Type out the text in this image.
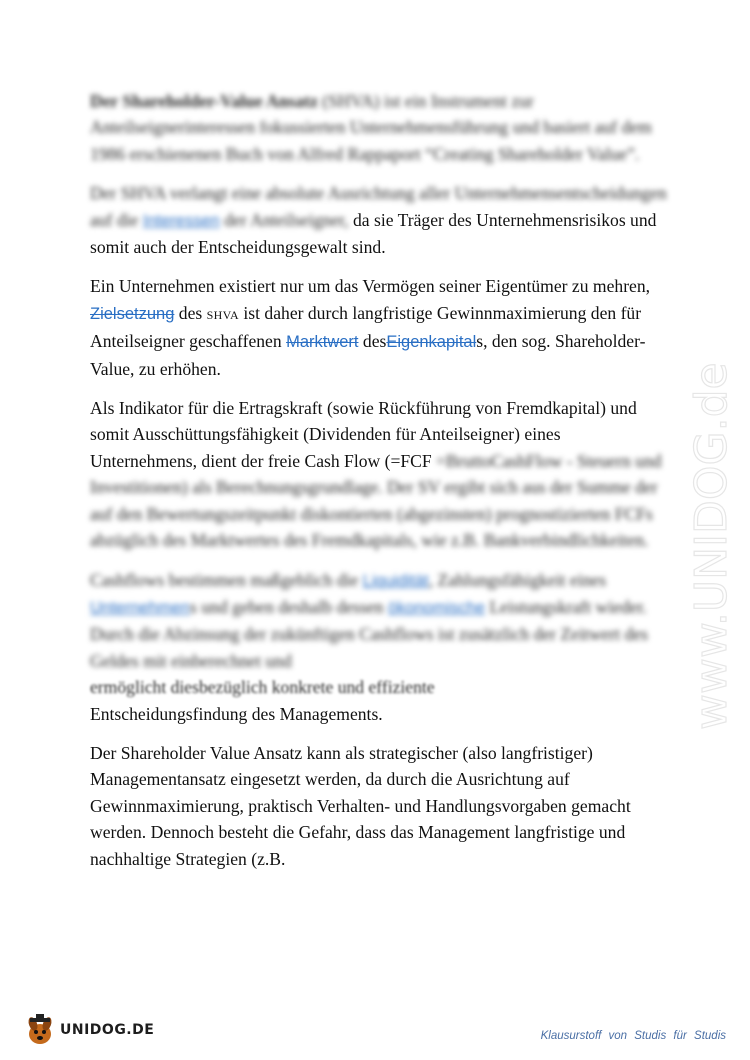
Der Shareholder-Value Ansatz (SHVA) ist ein Instrument zur Anteilseignerinteressen fokussierten Unternehmensführung und basiert auf dem 1986 erschienenen Buch von Alfred Rappaport “Creating Shareholder Value”.

Der SHVA verlangt eine absolute Ausrichtung aller Unternehmensentscheidungen auf die Interessen der Anteilseigner, da sie Träger des Unternehmensrisikos und somit auch der Entscheidungsgewalt sind.

Ein Unternehmen existiert nur um das Vermögen seiner Eigentümer zu mehren, Zielsetzung des SHVA ist daher durch langfristige Gewinnmaximierung den für Anteilseigner geschaffenen Marktwert desEigenkapitals, den sog. Shareholder-Value, zu erhöhen.

Als Indikator für die Ertragskraft (sowie Rückführung von Fremdkapital) und somit Ausschüttungsfähigkeit (Dividenden für Anteilseigner) eines Unternehmens, dient der freie Cash Flow (=FCF =BruttoCashFlow - Steuern und Investitionen) als Berechnungsgrundlage. Der SV ergibt sich aus der Summe der auf den Bewertungszeitpunkt diskontierten (abgezinsten) prognostizierten FCFs abzüglich des Marktwertes des Fremdkapitals, wie z.B. Bankverbindlichkeiten.

Cashflows bestimmen maßgeblich die Liquidität, Zahlungsfähigkeit eines Unternehmens und geben deshalb dessen ökonomische Leistungskraft wieder. Durch die Abzinsung der zukünftigen Cashflows ist zusätzlich der Zeitwert des Geldes mit einberechnet und
ermöglicht diesbezüglich konkrete und effiziente
Entscheidungsfindung des Managements.

Der Shareholder Value Ansatz kann als strategischer (also langfristiger) Managementansatz eingesetzt werden, da durch die Ausrichtung auf Gewinnmaximierung, praktisch Verhalten- und Handlungsvorgaben gemacht werden. Dennoch besteht die Gefahr, dass das Management langfristige und nachhaltige Strategien (z.B.

www.UNIDOG.de
UNIDOG.DE	Klausurstoff von Studis für Studis
